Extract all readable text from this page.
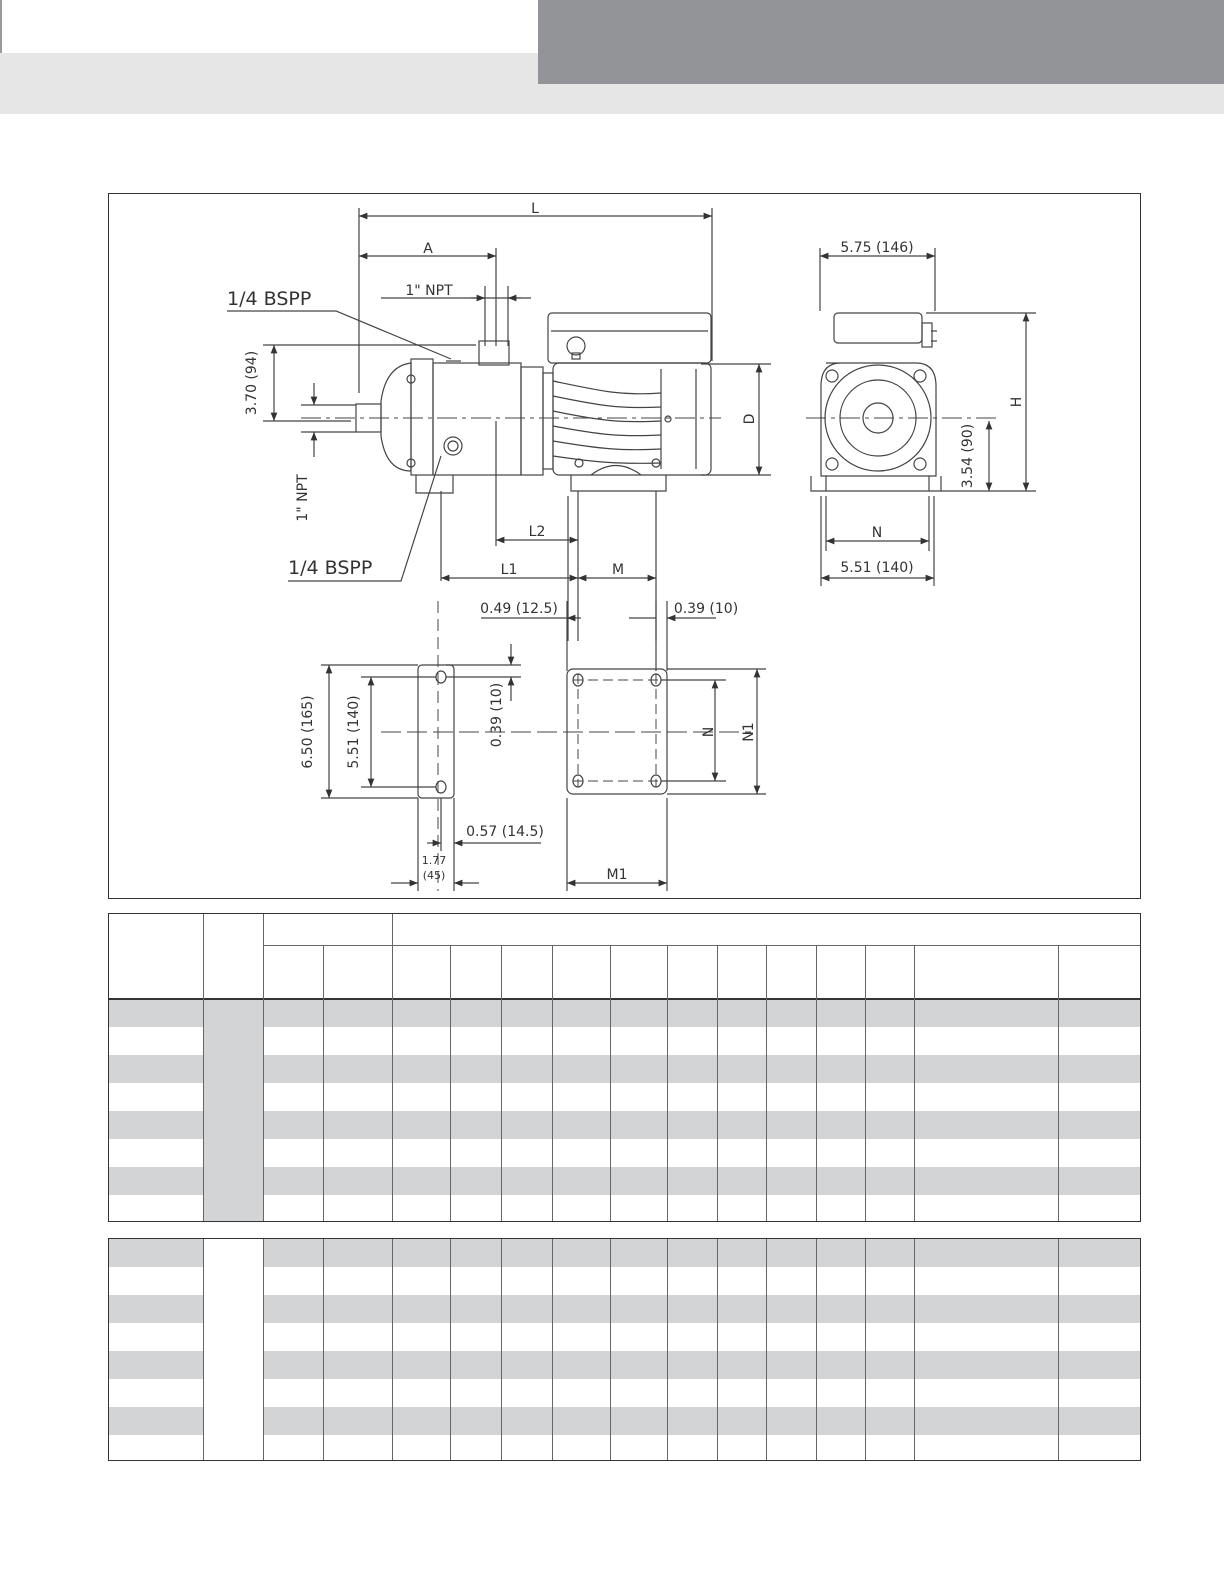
L
A
1" NPT
1/4 BSPP
3.70 (94)
1" NPT
1/4 BSPP
D
L2
L1	M
5.75 (146)
H
3.54 (90)
N
5.51 (140)
0.49 (12.5)	0.39 (10)
6.50 (165) 5.51 (140)	0.39 (10)	N N1
0.57 (14.5)
1.77
(45)	M1
